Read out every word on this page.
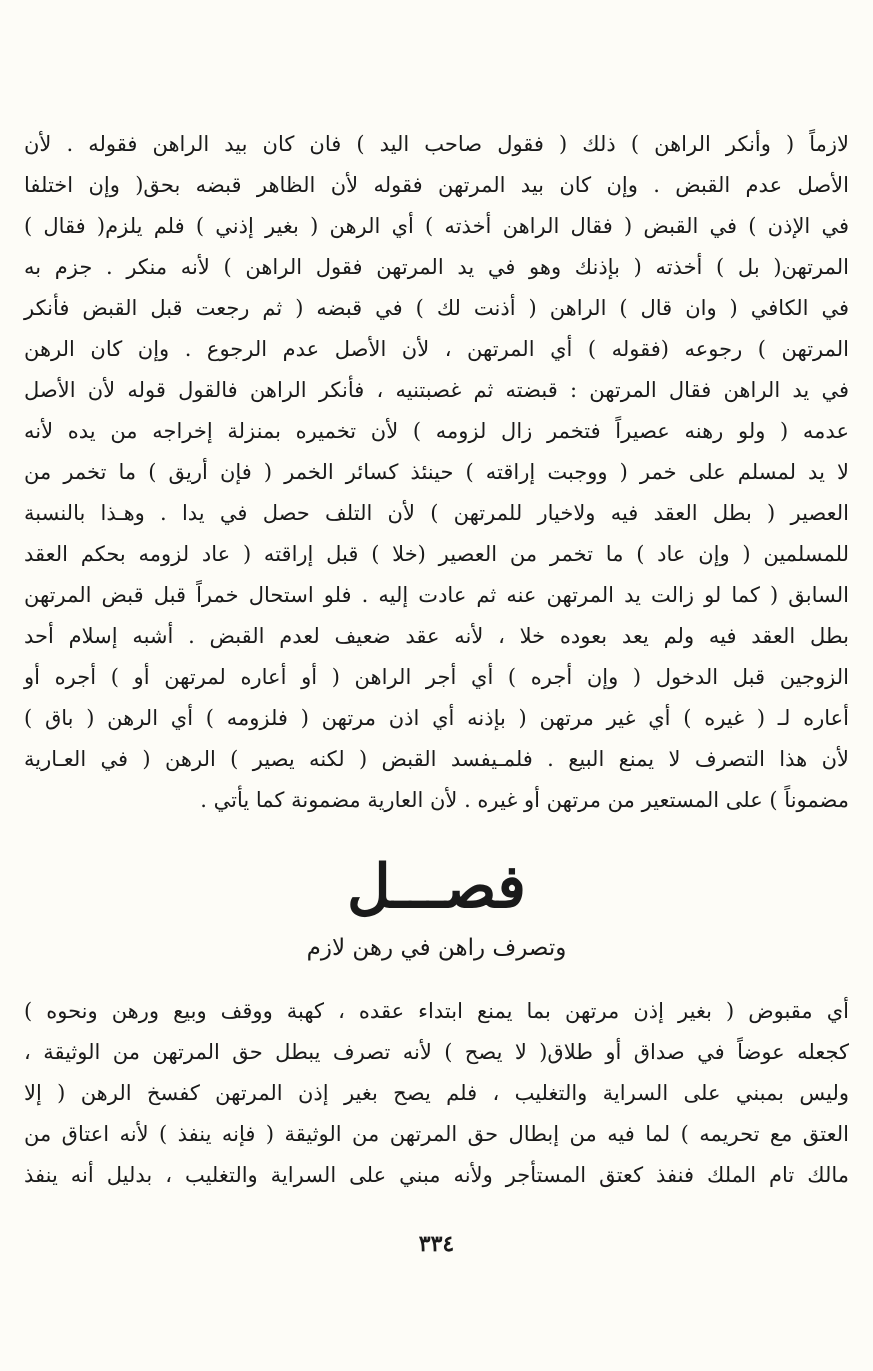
لازماً ( وأنكر الراهن ) ذلك ( فقول صاحب اليد ) فان كان بيد الراهن فقوله . لأن
الأصل عدم القبض . وإن كان بيد المرتهن فقوله لأن الظاهر قبضه بحق( وإن اختلفا
في الإذن ) في القبض ( فقال الراهن أخذته ) أي الرهن ( بغير إذني ) فلم يلزم( فقال )
المرتهن( بل ) أخذته ( بإذنك وهو في يد المرتهن فقول الراهن ) لأنه منكر . جزم به
في الكافي ( وان قال ) الراهن ( أذنت لك ) في قبضه ( ثم رجعت قبل القبض فأنكر
المرتهن ) رجوعه (فقوله ) أي المرتهن ، لأن الأصل عدم الرجوع . وإن كان الرهن
في يد الراهن فقال المرتهن : قبضته ثم غصبتنيه ، فأنكر الراهن فالقول قوله لأن الأصل
عدمه ( ولو رهنه عصيراً فتخمر زال لزومه ) لأن تخميره بمنزلة إخراجه من يده لأنه
لا يد لمسلم على خمر ( ووجبت إراقته ) حينئذ كسائر الخمر ( فإن أريق ) ما تخمر من
العصير ( بطل العقد فيه ولاخيار للمرتهن ) لأن التلف حصل في يدا . وهـذا بالنسبة
للمسلمين ( وإن عاد ) ما تخمر من العصير (خلا ) قبل إراقته ( عاد لزومه بحكم العقد
السابق ( كما لو زالت يد المرتهن عنه ثم عادت إليه . فلو استحال خمراً قبل قبض المرتهن
بطل العقد فيه ولم يعد بعوده خلا ، لأنه عقد ضعيف لعدم القبض . أشبه إسلام أحد
الزوجين قبل الدخول ( وإن أجره ) أي أجر الراهن ( أو أعاره لمرتهن أو ) أجره أو
أعاره لـ ( غيره ) أي غير مرتهن ( بإذنه أي اذن مرتهن ( فلزومه ) أي الرهن ( باق )
لأن هذا التصرف لا يمنع البيع . فلمـيفسد القبض ( لكنه يصير ) الرهن ( في العـارية
مضموناً ) على المستعير من مرتهن أو غيره . لأن العارية مضمونة كما يأتي .
فصـــل
وتصرف راهن في رهن لازم
أي مقبوض ( بغير إذن مرتهن بما يمنع ابتداء عقده ، كهبة ووقف وبيع ورهن ونحوه )
كجعله عوضاً في صداق أو طلاق( لا يصح ) لأنه تصرف يبطل حق المرتهن من الوثيقة ،
وليس بمبني على السراية والتغليب ، فلم يصح بغير إذن المرتهن كفسخ الرهن ( إلا
العتق مع تحريمه ) لما فيه من إبطال حق المرتهن من الوثيقة ( فإنه ينفذ ) لأنه اعتاق من
مالك تام الملك فنفذ كعتق المستأجر ولأنه مبني على السراية والتغليب ، بدليل أنه ينفذ
٣٣٤
